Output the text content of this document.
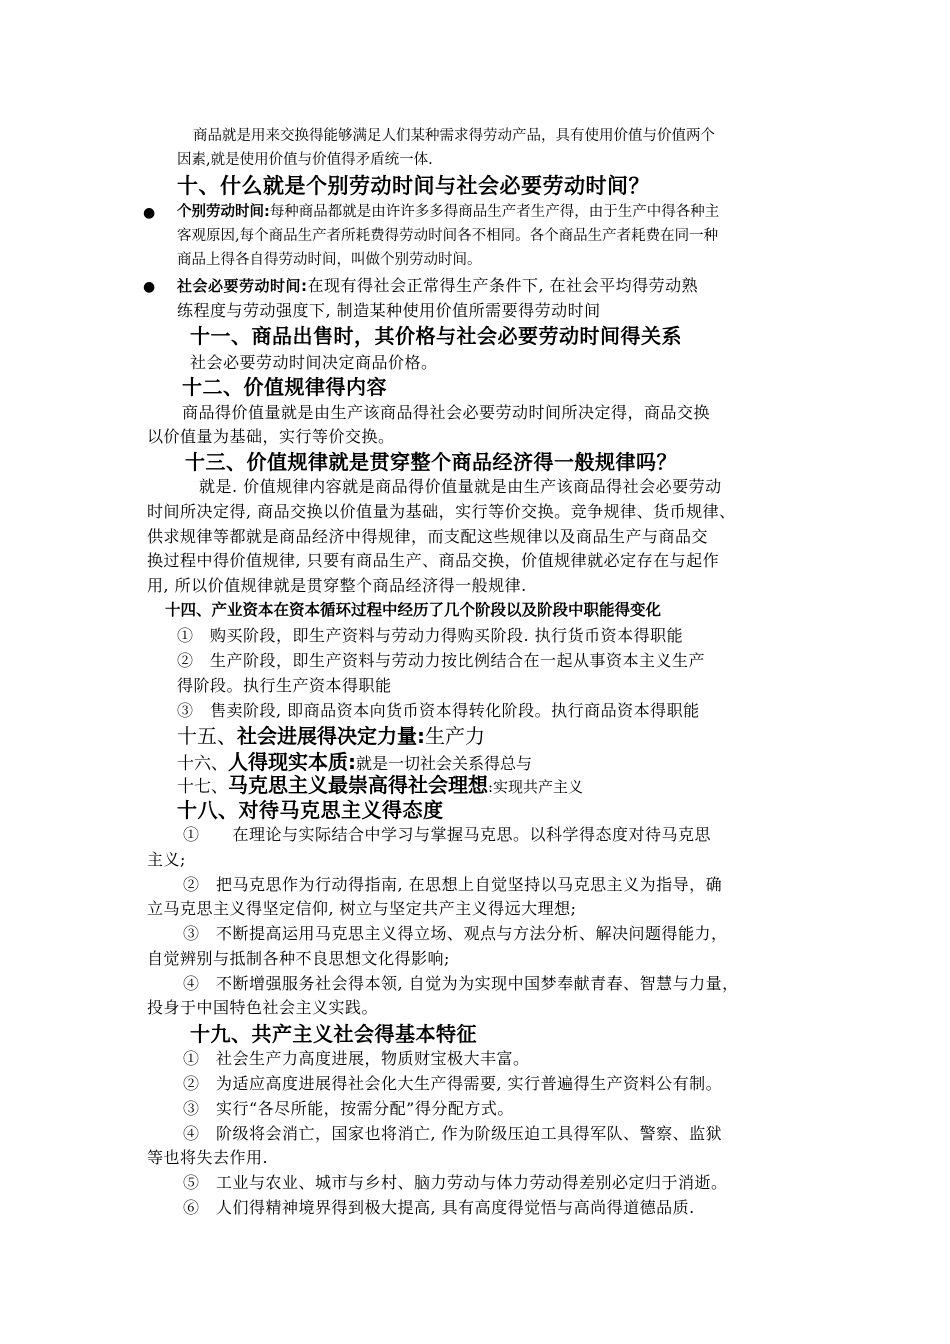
商品就是用来交换得能够满足人们某种需求得劳动产品，具有使用价值与价值两个
因素,就是使用价值与价值得矛盾统一体.
十、什么就是个别劳动时间与社会必要劳动时间？
● 个别劳动时间:每种商品都就是由许许多多得商品生产者生产得，由于生产中得各种主
客观原因,每个商品生产者所耗费得劳动时间各不相同。各个商品生产者耗费在同一种
商品上得各自得劳动时间，叫做个别劳动时间。
● 社会必要劳动时间:在现有得社会正常得生产条件下, 在社会平均得劳动熟
练程度与劳动强度下, 制造某种使用价值所需要得劳动时间
十一、商品出售时，其价格与社会必要劳动时间得关系
社会必要劳动时间决定商品价格。
十二、价值规律得内容
商品得价值量就是由生产该商品得社会必要劳动时间所决定得，商品交换
以价值量为基础，实行等价交换。
十三、价值规律就是贯穿整个商品经济得一般规律吗？
就是. 价值规律内容就是商品得价值量就是由生产该商品得社会必要劳动
时间所决定得, 商品交换以价值量为基础，实行等价交换。竞争规律、货币规律、
供求规律等都就是商品经济中得规律，而支配这些规律以及商品生产与商品交
换过程中得价值规律, 只要有商品生产、商品交换，价值规律就必定存在与起作
用, 所以价值规律就是贯穿整个商品经济得一般规律.
十四、产业资本在资本循环过程中经历了几个阶段以及阶段中职能得变化
①　购买阶段，即生产资料与劳动力得购买阶段. 执行货币资本得职能
②　生产阶段，即生产资料与劳动力按比例结合在一起从事资本主义生产
得阶段。执行生产资本得职能
③　售卖阶段, 即商品资本向货币资本得转化阶段。执行商品资本得职能
十五、社会进展得决定力量:生产力
十六、人得现实本质:就是一切社会关系得总与
十七、马克思主义最崇高得社会理想:实现共产主义
十八、对待马克思主义得态度
①　　在理论与实际结合中学习与掌握马克思。以科学得态度对待马克思
主义;
②　把马克思作为行动得指南, 在思想上自觉坚持以马克思主义为指导，确
立马克思主义得坚定信仰, 树立与坚定共产主义得远大理想;
③　不断提高运用马克思主义得立场、观点与方法分析、解决问题得能力，
自觉辨别与抵制各种不良思想文化得影响;
④　不断增强服务社会得本领, 自觉为为实现中国梦奉献青春、智慧与力量，
投身于中国特色社会主义实践。
十九、共产主义社会得基本特征
①　社会生产力高度进展，物质财宝极大丰富。
②　为适应高度进展得社会化大生产得需要, 实行普遍得生产资料公有制。
③　实行“各尽所能，按需分配”得分配方式。
④　阶级将会消亡，国家也将消亡, 作为阶级压迫工具得军队、警察、监狱
等也将失去作用.
⑤　工业与农业、城市与乡村、脑力劳动与体力劳动得差别必定归于消逝。
⑥　人们得精神境界得到极大提高, 具有高度得觉悟与高尚得道德品质.
